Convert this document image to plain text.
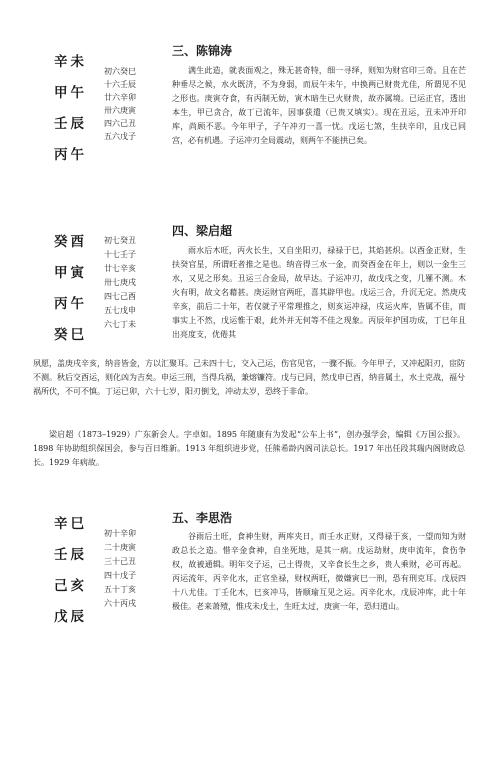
辛未
甲午
壬辰
丙午
初六癸巳
十六壬辰
廿六辛卯
卅六庚寅
四六己丑
五六戊子
三、陈锦涛
满生此造，就表面观之，殊无甚奇特，细一寻绎，则知为财官印三奇。且在芒种垂尽之候，水火既济，不为身弱，而辰午未午，中换两已财贵尤佳，所谓见不见之形也。庚寅夺食，有丙制无妨，寅木暗生已火财贵，故亦属境。已运正官，透出本生，甲已贪合，故丁已流年，因事获遣（已贵又填实）。现在丑运，丑未冲开印库，尚顾不恶。今年甲子，子午冲刃一喜一忧。戊运七煞，生扶辛印，且戊已同宫，必有机遇。子运冲刃全局震动，则两午不能拱已矣。
癸酉
甲寅
丙午
癸巳
初七癸丑
十七壬子
廿七辛亥
卅七庚戌
四七己酉
五七戊申
六七丁未
四、梁启超
雨水后木旺，丙火长生，又自坐阳刃，禄禄于巳，其焰甚炽。以酉金正财，生扶癸官星，所谓旺者推之是也。纳音得三水一金，而癸酉金在年上，则以一金生三水，又见之形矣。丑运三合金局，故早达。子运冲刃，故戊戌之变，几罹不测。木火有明，故文名藉甚。庚运财官两旺，喜其辟甲也。戊运三合，升沉无定。然庚戌辛亥，前后二十年，若仅就子平常理推之，则亥运冲禄，戌运火库，皆属不佳，而事实上不然，戊运惟于艰，此外并无何等不佳之现象。丙辰年护国功成，丁巳年且出亮度支，优倦其
夙愿，盖庚戌辛亥，纳音皆金，方以汇聚耳。己未四十七，交入己运，伤官见官，一骤不振。今年甲子，又冲起阳刃，宦防不测。秋后交酉运，则化凶为吉矣。申运三刑，当得兵祸，兼熔镰符。戊与已同，然戊申已酉，纳音属土，水土克战，福兮祸所伏，不可不慎。丁运已卯，六十七岁，阳刃倒戈，冲动太岁，恐终于非命。
梁启超（1873–1929）广东新会人。字卓如。1895 年随康有为发起“公车上书”，创办强学会，编辑《万国公报》。1898 年协助组织保国会，参与百日维新。1913 年组织进步党，任熊希龄内阁司法总长。1917 年出任段其瑞内阁财政总长。1929 年病故。
辛巳
壬辰
己亥
戊辰
初十辛卯
二十庚寅
三十己丑
四十戊子
五十丁亥
六十丙戌
五、李思浩
谷雨后土旺，食神生财，两库夹日，而壬水正财，又得禄于亥，一望而知为财政总长之造。惜辛金食神，自坐死地，是其一病。戊运劫财，庚申流年，食伤争权，故被通辑。明年交子运，己土得贵，又辛食长生之乡，贵人乘财，必可再起。丙运流年，丙辛化水，正官坐禄，财权两旺，微嫌寅巳一刑，恐有刑克耳。戊辰四十八尤佳。丁壬化木，巳亥冲马，皆顺瑜互见之运。丙辛化水，戊辰冲库，此十年极佳。老来萧殪，惟戌未戊土，生旺太过，庚寅一年，恐归道山。
